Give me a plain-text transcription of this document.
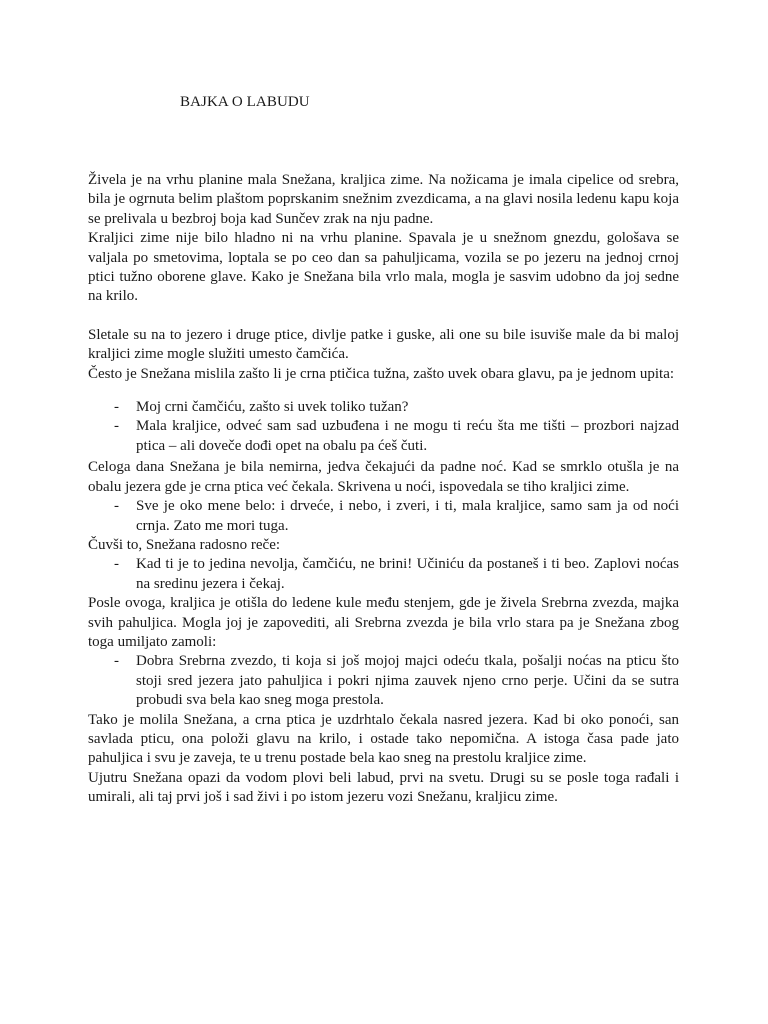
BAJKA O LABUDU

Živela je na vrhu planine mala Snežana, kraljica zime. Na nožicama je imala cipelice od srebra, bila je ogrnuta belim plaštom poprskanim snežnim zvezdicama, a na glavi nosila ledenu kapu koja se prelivala u bezbroj boja kad Sunčev zrak na nju padne.

Kraljici zime nije bilo hladno ni na vrhu planine. Spavala je u snežnom gnezdu, gološava se valjala po smetovima, loptala se po ceo dan sa pahuljicama, vozila se po jezeru na jednoj crnoj ptici tužno oborene glave. Kako je Snežana bila vrlo mala, mogla je sasvim udobno da joj sedne na krilo.

Sletale su na to jezero i druge ptice, divlje patke i guske, ali one su bile isuviše male da bi maloj kraljici zime mogle služiti umesto čamčića.

Često je Snežana mislila zašto li je crna ptičica tužna, zašto uvek obara glavu, pa je jednom upita:

- Moj crni čamčiću, zašto si uvek toliko tužan?
- Mala kraljice, odveć sam sad uzbuđena i ne mogu ti reću šta me tišti – prozbori najzad ptica – ali doveče dođi opet na obalu pa ćeš čuti.

Celoga dana Snežana je bila nemirna, jedva čekajući da padne noć. Kad se smrklo otušla je na obalu jezera gde je crna ptica već čekala. Skrivena u noći, ispovedala se tiho kraljici zime.

- Sve je oko mene belo: i drveće, i nebo, i zveri, i ti, mala kraljice, samo sam ja od noći crnja. Zato me mori tuga.

Čuvši to, Snežana radosno reče:

- Kad ti je to jedina nevolja, čamčiću, ne brini! Učiniću da postaneš i ti beo. Zaplovi noćas na sredinu jezera i čekaj.

Posle ovoga, kraljica je otišla do ledene kule među stenjem, gde je živela Srebrna zvezda, majka svih pahuljica. Mogla joj je zapovediti, ali Srebrna zvezda je bila vrlo stara pa je Snežana zbog toga umiljato zamoli:

- Dobra Srebrna zvezdo, ti koja si još mojoj majci odeću tkala, pošalji noćas na pticu što stoji sred jezera jato pahuljica i pokri njima zauvek njeno crno perje. Učini da se sutra probudi sva bela kao sneg moga prestola.

Tako je molila Snežana, a crna ptica je uzdrhtalo čekala nasred jezera. Kad bi oko ponoći, san savlada pticu, ona položi glavu na krilo, i ostade tako nepomična. A istoga časa pade jato pahuljica i svu je zaveja, te u trenu postade bela kao sneg na prestolu kraljice zime.

Ujutru Snežana opazi da vodom plovi beli labud, prvi na svetu. Drugi su se posle toga rađali i umirali, ali taj prvi još i sad živi i po istom jezeru vozi Snežanu, kraljicu zime.
